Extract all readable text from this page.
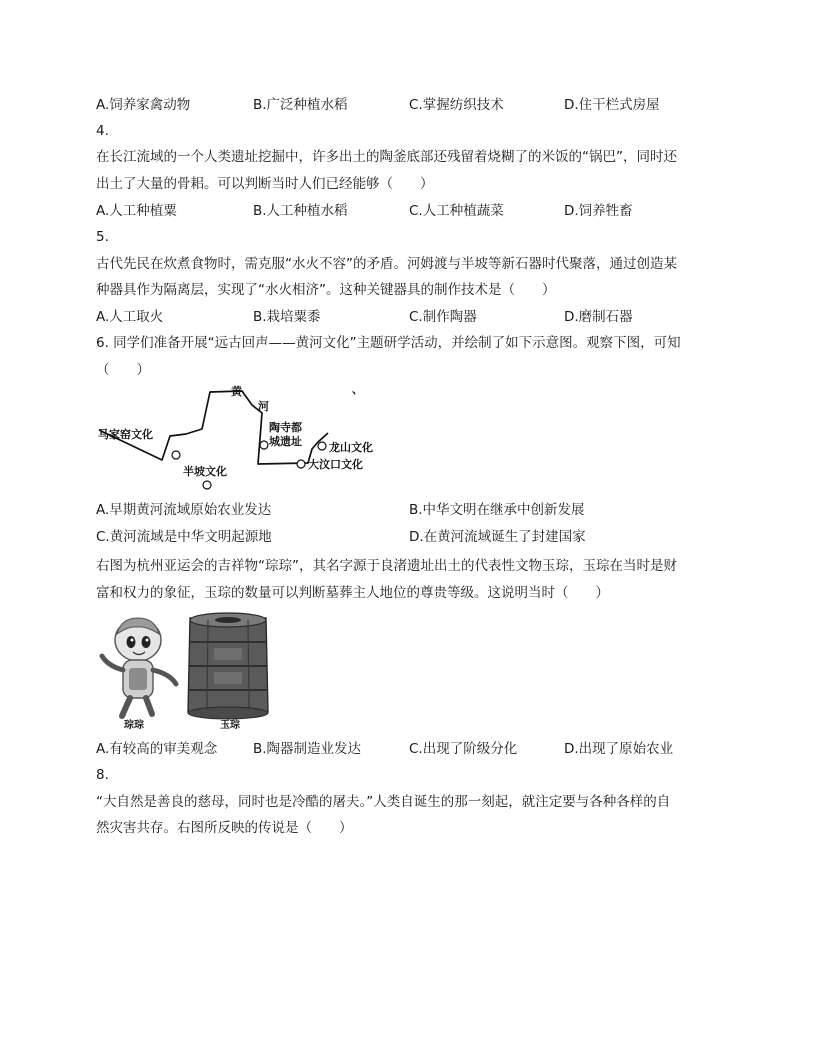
A.饲养家禽动物	B.广泛种植水稻	C.掌握纺织技术	D.住干栏式房屋
4.
在长江流域的一个人类遗址挖掘中，许多出土的陶釜底部还残留着烧糊了的米饭的“锅巴”，同时还
出土了大量的骨耜。可以判断当时人们已经能够（　　）
A.人工种植粟	B.人工种植水稻	C.人工种植蔬菜	D.饲养牲畜
5.
古代先民在炊煮食物时，需克服“水火不容”的矛盾。河姆渡与半坡等新石器时代聚落，通过创造某
种器具作为隔离层，实现了“水火相济”。这种关键器具的制作技术是（　　）
A.人工取火	B.栽培粟黍	C.制作陶器	D.磨制石器
6. 同学们准备开展“远古回声——黄河文化”主题研学活动，并绘制了如下示意图。观察下图，可知
（　　）
黄
河
、
马家窑文化
半坡文化
陶寺都
城遗址 龙山文化
大汶口文化
A.早期黄河流域原始农业发达	B.中华文明在继承中创新发展
C.黄河流域是中华文明起源地	D.在黄河流域诞生了封建国家
右图为杭州亚运会的吉祥物“琮琮”，其名字源于良渚遗址出土的代表性文物玉琮，玉琮在当时是财
富和权力的象征，玉琮的数量可以判断墓葬主人地位的尊贵等级。这说明当时（　　）
琮琮	玉琮
A.有较高的审美观念	B.陶器制造业发达	C.出现了阶级分化	D.出现了原始农业
8.
“大自然是善良的慈母，同时也是冷酷的屠夫。”人类自诞生的那一刻起，就注定要与各种各样的自
然灾害共存。右图所反映的传说是（　　）
